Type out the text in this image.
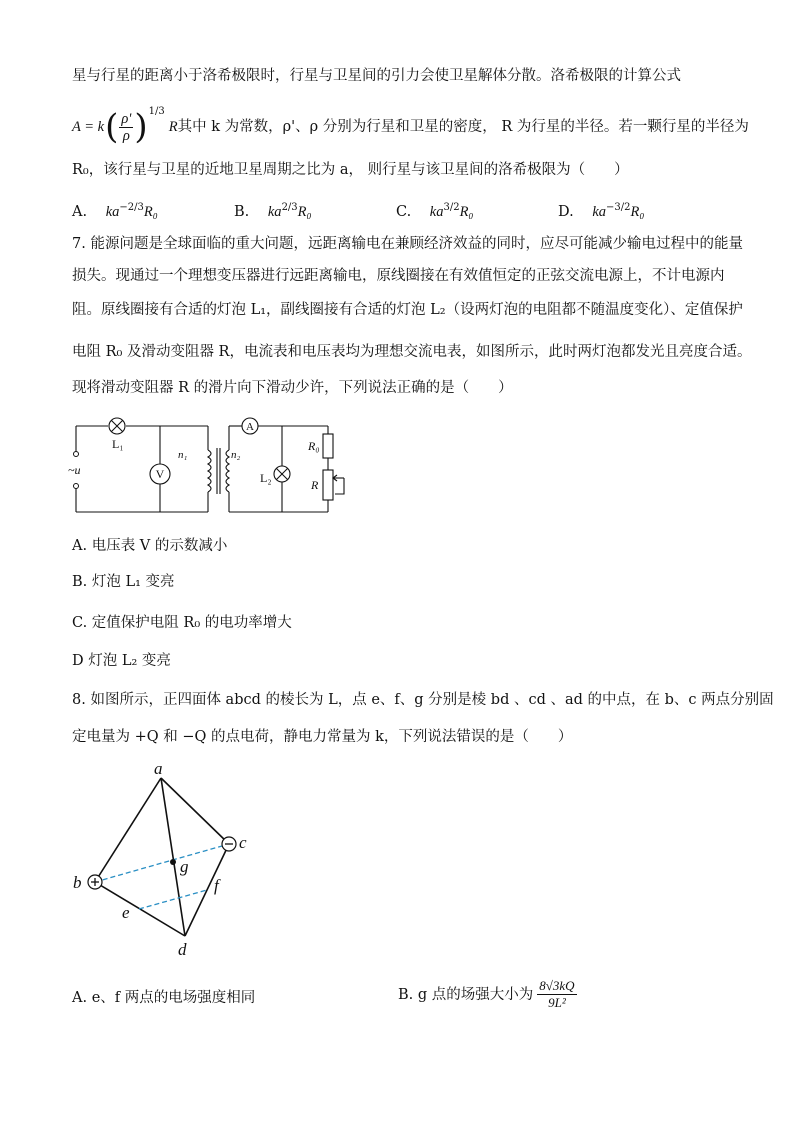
星与行星的距离小于洛希极限时，行星与卫星间的引力会使卫星解体分散。洛希极限的计算公式
A = k ( $\frac{\rho'}{\rho}$ ) 1/3
R 其中 k 为常数，ρ'、ρ 分别为行星和卫星的密度， R 为行星的半径。若一颗行星的半径为
R₀，该行星与卫星的近地卫星周期之比为 a， 则行星与该卫星间的洛希极限为（　　）
A. $ka^{-2/3}R_0$	B. $ka^{2/3}R_0$	C. $ka^{3/2}R_0$	D. $ka^{-3/2}R_0$
7. 能源问题是全球面临的重大问题，远距离输电在兼顾经济效益的同时，应尽可能减少输电过程中的能量
损失。现通过一个理想变压器进行远距离输电，原线圈接在有效值恒定的正弦交流电源上，不计电源内
阻。原线圈接有合适的灯泡 L₁，副线圈接有合适的灯泡 L₂（设两灯泡的电阻都不随温度变化）、定值保护
电阻 R₀ 及滑动变阻器 R，电流表和电压表均为理想交流电表，如图所示，此时两灯泡都发光且亮度合适。
现将滑动变阻器 R 的滑片向下滑动少许，下列说法正确的是（　　）
V
A
L₁
~u
n₁	n₂
L₂
R₀
R
A. 电压表 V 的示数减小
B. 灯泡 L₁ 变亮
C. 定值保护电阻 R₀ 的电功率增大
D 灯泡 L₂ 变亮
8. 如图所示，正四面体 abcd 的棱长为 L，点 e、f、g 分别是棱 bd 、cd 、ad 的中点，在 b、c 两点分别固
定电量为 +Q 和 −Q 的点电荷，静电力常量为 k，下列说法错误的是（　　）
a
b
c
d
e
f
g
A. e、f 两点的电场强度相同	B. g 点的场强大小为 $\frac{8√3kQ}{\text{9L²}}$
